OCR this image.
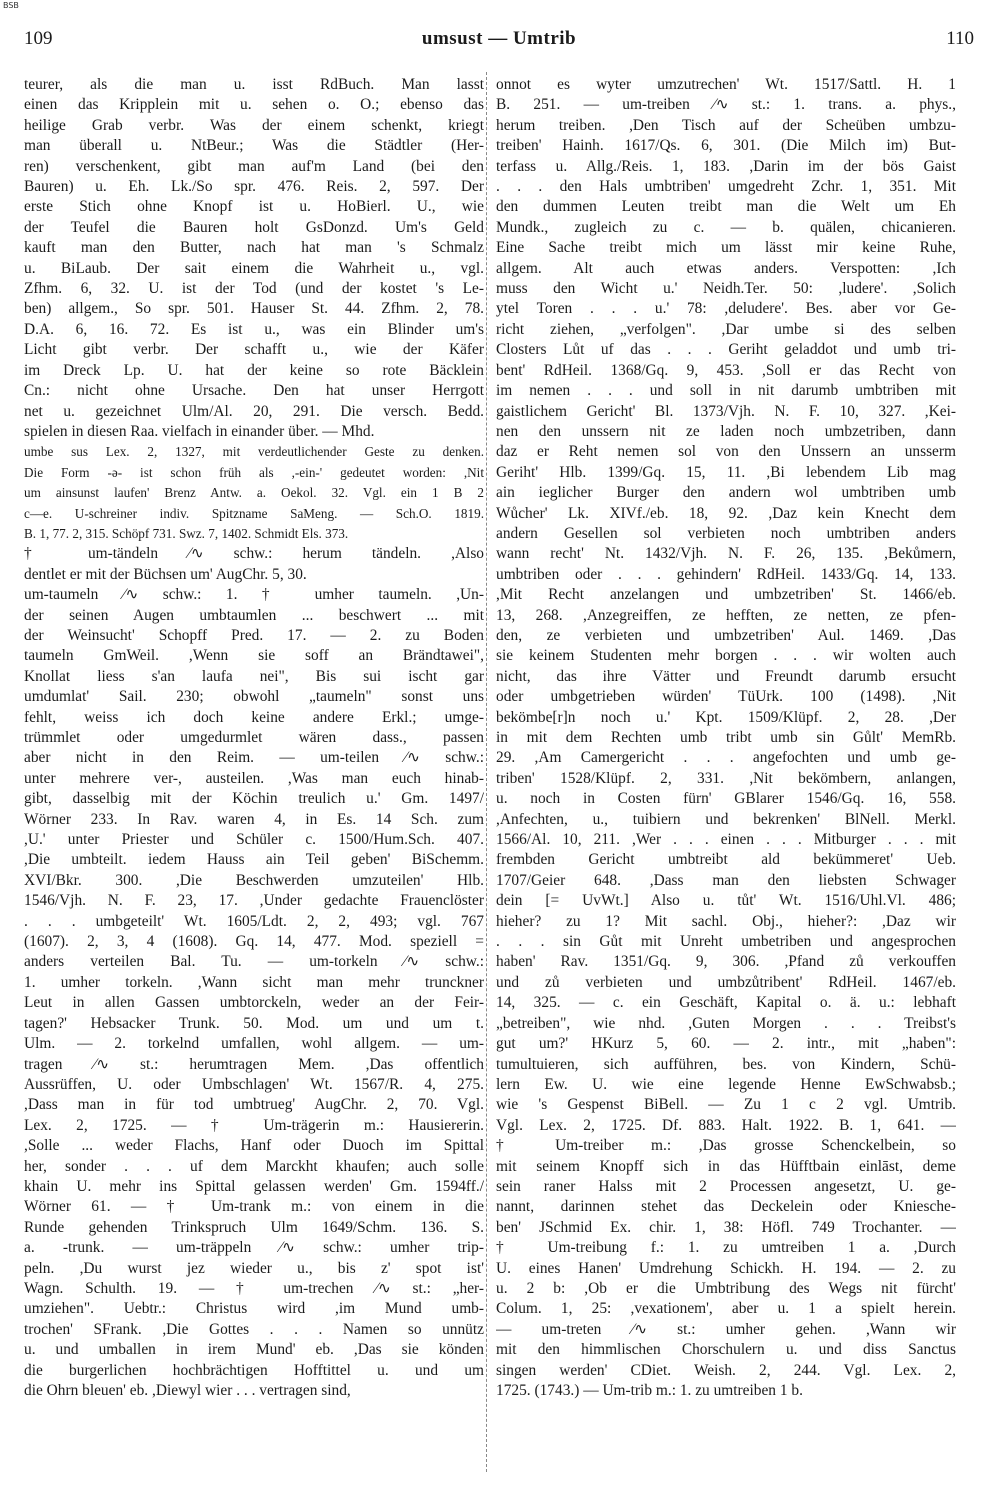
BSB
109	umsust — Umtrib	110
teurer, als die man u. isst RdBuch. Man lasst
einen das Kripplein mit u. sehen o. O.; ebenso das
heilige Grab verbr. Was der einem schenkt, kriegt
man überall u. NtBeur.; Was die Städtler (Her-
ren) verschenkent, gibt man auf'm Land (bei den
Bauren) u. Eh. Lk./So spr. 476. Reis. 2, 597. Der
erste Stich ohne Knopf ist u. HoBierl. U., wie
der Teufel die Bauren holt GsDonzd. Um's Geld
kauft man den Butter, nach hat man 's Schmalz
u. BiLaub. Der sait einem die Wahrheit u., vgl.
Zfhm. 6, 32. U. ist der Tod (und der kostet 's Le-
ben) allgem., So spr. 501. Hauser St. 44. Zfhm. 2, 78.
D.A. 6, 16. 72. Es ist u., was ein Blinder um's
Licht gibt verbr. Der schafft u., wie der Käfer
im Dreck Lp. U. hat der keine so rote Bäcklein
Cn.: nicht ohne Ursache. Den hat unser Herrgott
net u. gezeichnet Ulm/Al. 20, 291. Die versch. Bedd.
spielen in diesen Raa. vielfach in einander über. — Mhd.
umbe sus Lex. 2, 1327, mit verdeutlichender Geste zu denken.
Die Form -ə- ist schon früh als ,-ein-' gedeutet worden: ,Nit
um ainsunst laufen' Brenz Antw. a. Oekol. 32. Vgl. ein 1 B 2
c—e. U-schreiner indiv. Spitzname SaMeng. — Sch.O. 1819.
B. 1, 77. 2, 315. Schöpf 731. Swz. 7, 1402. Schmidt Els. 373.
† um-tändeln ⁄∿ schw.: herum tändeln. ,Also
dentlet er mit der Büchsen um' AugChr. 5, 30.
um-taumeln ⁄∿ schw.: 1. † umher taumeln. ,Un-
der seinen Augen umbtaumlen ... beschwert ... mit
der Weinsucht' Schopff Pred. 17. — 2. zu Boden
taumeln GmWeil. ,Wenn sie soff an Brändtawei",
Knollat liess s'an laufa nei", Bis sui ischt gar
umdumlat' Sail. 230; obwohl „taumeln" sonst uns
fehlt, weiss ich doch keine andere Erkl.; umge-
trümmlet oder umgedurmlet wären dass., passen
aber nicht in den Reim. — um-teilen ⁄∿ schw.:
unter mehrere ver-, austeilen. ,Was man euch hinab-
gibt, dasselbig mit der Köchin treulich u.' Gm. 1497/
Wörner 233. In Rav. waren 4, in Es. 14 Sch. zum
,U.' unter Priester und Schüler c. 1500/Hum.Sch. 407.
,Die umbteilt. iedem Hauss ain Teil geben' BiSchemm.
XVI/Bkr. 300. ,Die Beschwerden umzuteilen' Hlb.
1546/Vjh. N. F. 23, 17. ,Under gedachte Frauenclöster
. . . umbgeteilt' Wt. 1605/Ldt. 2, 2, 493; vgl. 767
(1607). 2, 3, 4 (1608). Gq. 14, 477. Mod. speziell =
anders verteilen Bal. Tu. — um-torkeln ⁄∿ schw.:
1. umher torkeln. ,Wann sicht man mehr trunckner
Leut in allen Gassen umbtorckeln, weder an der Feir-
tagen?' Hebsacker Trunk. 50. Mod. um und um t.
Ulm. — 2. torkelnd umfallen, wohl allgem. — um-
tragen ⁄∿ st.: herumtragen Mem. ,Das offentlich
Aussrüffen, U. oder Umbschlagen' Wt. 1567/R. 4, 275.
,Dass man in für tod umbtrueg' AugChr. 2, 70. Vgl.
Lex. 2, 1725. — † Um-trägerin m.: Hausiererin.
,Solle ... weder Flachs, Hanf oder Duoch im Spittal
her, sonder . . . uf dem Marckht khaufen; auch solle
khain U. mehr ins Spittal gelassen werden' Gm. 1594ff./
Wörner 61. — † Um-trank m.: von einem in die
Runde gehenden Trinkspruch Ulm 1649/Schm. 136. S.
a. -trunk. — um-träppeln ⁄∿ schw.: umher trip-
peln. ,Du wurst jez wieder u., bis z' spot ist'
Wagn. Schulth. 19. — † um-trechen ⁄∿ st.: „her-
umziehen". Uebtr.: Christus wird ,im Mund umb-
trochen' SFrank. ,Die Gottes . . . Namen so unnütz
u. und umballen in irem Mund' eb. ,Das sie könden
die burgerlichen hochbrächtigen Hofftittel u. und um
die Ohrn bleuen' eb. ,Diewyl wier . . . vertragen sind,
onnot es wyter umzutrechen' Wt. 1517/Sattl. H. 1
B. 251. — um-treiben ⁄∿ st.: 1. trans. a. phys.,
herum treiben. ,Den Tisch auf der Scheüben umbzu-
treiben' Hainh. 1617/Qs. 6, 301. (Die Milch im) But-
terfass u. Allg./Reis. 1, 183. ,Darin im der bös Gaist
. . . den Hals umbtriben' umgedreht Zchr. 1, 351. Mit
den dummen Leuten treibt man die Welt um Eh
Mundk., zugleich zu c. — b. quälen, chicanieren.
Eine Sache treibt mich um lässt mir keine Ruhe,
allgem. Alt auch etwas anders. Verspotten: ,Ich
muss den Wicht u.' Neidh.Ter. 50: ,ludere'. ,Solich
ytel Toren . . . u.' 78: ,deludere'. Bes. aber vor Ge-
richt ziehen, „verfolgen". ,Dar umbe si des selben
Closters Lůt uf das . . . Geriht geladdot und umb tri-
bent' RdHeil. 1368/Gq. 9, 453. ,Soll er das Recht von
im nemen . . . und soll in nit darumb umbtriben mit
gaistlichem Gericht' Bl. 1373/Vjh. N. F. 10, 327. ,Kei-
nen den unssern nit ze laden noch umbzetriben, dann
daz er Reht nemen sol von den Unssern an unsserm
Geriht' Hlb. 1399/Gq. 15, 11. ,Bi lebendem Lib mag
ain ieglicher Burger den andern wol umbtriben umb
Wůcher' Lk. XIVf./eb. 18, 92. ,Daz kein Knecht dem
andern Gesellen sol verbieten noch umbtriben anders
wann recht' Nt. 1432/Vjh. N. F. 26, 135. ,Bekůmern,
umbtriben oder . . . gehindern' RdHeil. 1433/Gq. 14, 133.
,Mit Recht anzelangen und umbzetriben' St. 1466/eb.
13, 268. ,Anzegreiffen, ze hefften, ze netten, ze pfen-
den, ze verbieten und umbzetriben' Aul. 1469. ,Das
sie keinem Studenten mehr borgen . . . wir wolten auch
nicht, das ihre Vätter und Freundt darumb ersucht
oder umbgetrieben würden' TüUrk. 100 (1498). ,Nit
bekömbe[r]n noch u.' Kpt. 1509/Klüpf. 2, 28. ,Der
in mit dem Rechten umb tribt umb sin Gůlt' MemRb.
29. ,Am Camergericht . . . angefochten und umb ge-
triben' 1528/Klüpf. 2, 331. ,Nit bekömbern, anlangen,
u. noch in Costen fürn' GBlarer 1546/Gq. 16, 558.
,Anfechten, u., tuibiern und bekrenken' BlNell. Merkl.
1566/Al. 10, 211. ,Wer . . . einen . . . Mitburger . . . mit
frembden Gericht umbtreibt ald bekümmeret' Ueb.
1707/Geier 648. ,Dass man den liebsten Schwager
dein [= UvWt.] Also u. tůt' Wt. 1516/Uhl.Vl. 486;
hieher? zu 1? Mit sachl. Obj., hieher?: ,Daz wir
. . . sin Gůt mit Unreht umbetriben und angesprochen
haben' Rav. 1351/Gq. 9, 306. ,Pfand zů verkouffen
und zů verbieten und umbzůtribent' RdHeil. 1467/eb.
14, 325. — c. ein Geschäft, Kapital o. ä. u.: lebhaft
„betreiben", wie nhd. ,Guten Morgen . . . Treibst's
gut um?' HKurz 5, 60. — 2. intr., mit „haben":
tumultuieren, sich aufführen, bes. von Kindern, Schü-
lern Ew. U. wie eine legende Henne EwSchwabsb.;
wie 's Gespenst BiBell. — Zu 1 c 2 vgl. Umtrib.
Vgl. Lex. 2, 1725. Df. 883. Halt. 1922. B. 1, 641. —
† Um-treiber m.: ,Das grosse Schenckelbein, so
mit seinem Knopff sich in das Hüfftbain einlāst, deme
sein raner Halss mit 2 Processen angesetzt, U. ge-
nannt, darinnen stehet das Deckelein oder Kniesche-
ben' JSchmid Ex. chir. 1, 38: Höfl. 749 Trochanter. —
† Um-treibung f.: 1. zu umtreiben 1 a. ,Durch
U. eines Hanen' Umdrehung Schickh. H. 194. — 2. zu
u. 2 b: ,Ob er die Umbtribung des Wegs nit fürcht'
Colum. 1, 25: ,vexationem', aber u. 1 a spielt herein.
— um-treten ⁄∿ st.: umher gehen. ,Wann wir
mit den himmlischen Chorschulern u. und diss Sanctus
singen werden' CDiet. Weish. 2, 244. Vgl. Lex. 2,
1725. (1743.) — Um-trib m.: 1. zu umtreiben 1 b.
